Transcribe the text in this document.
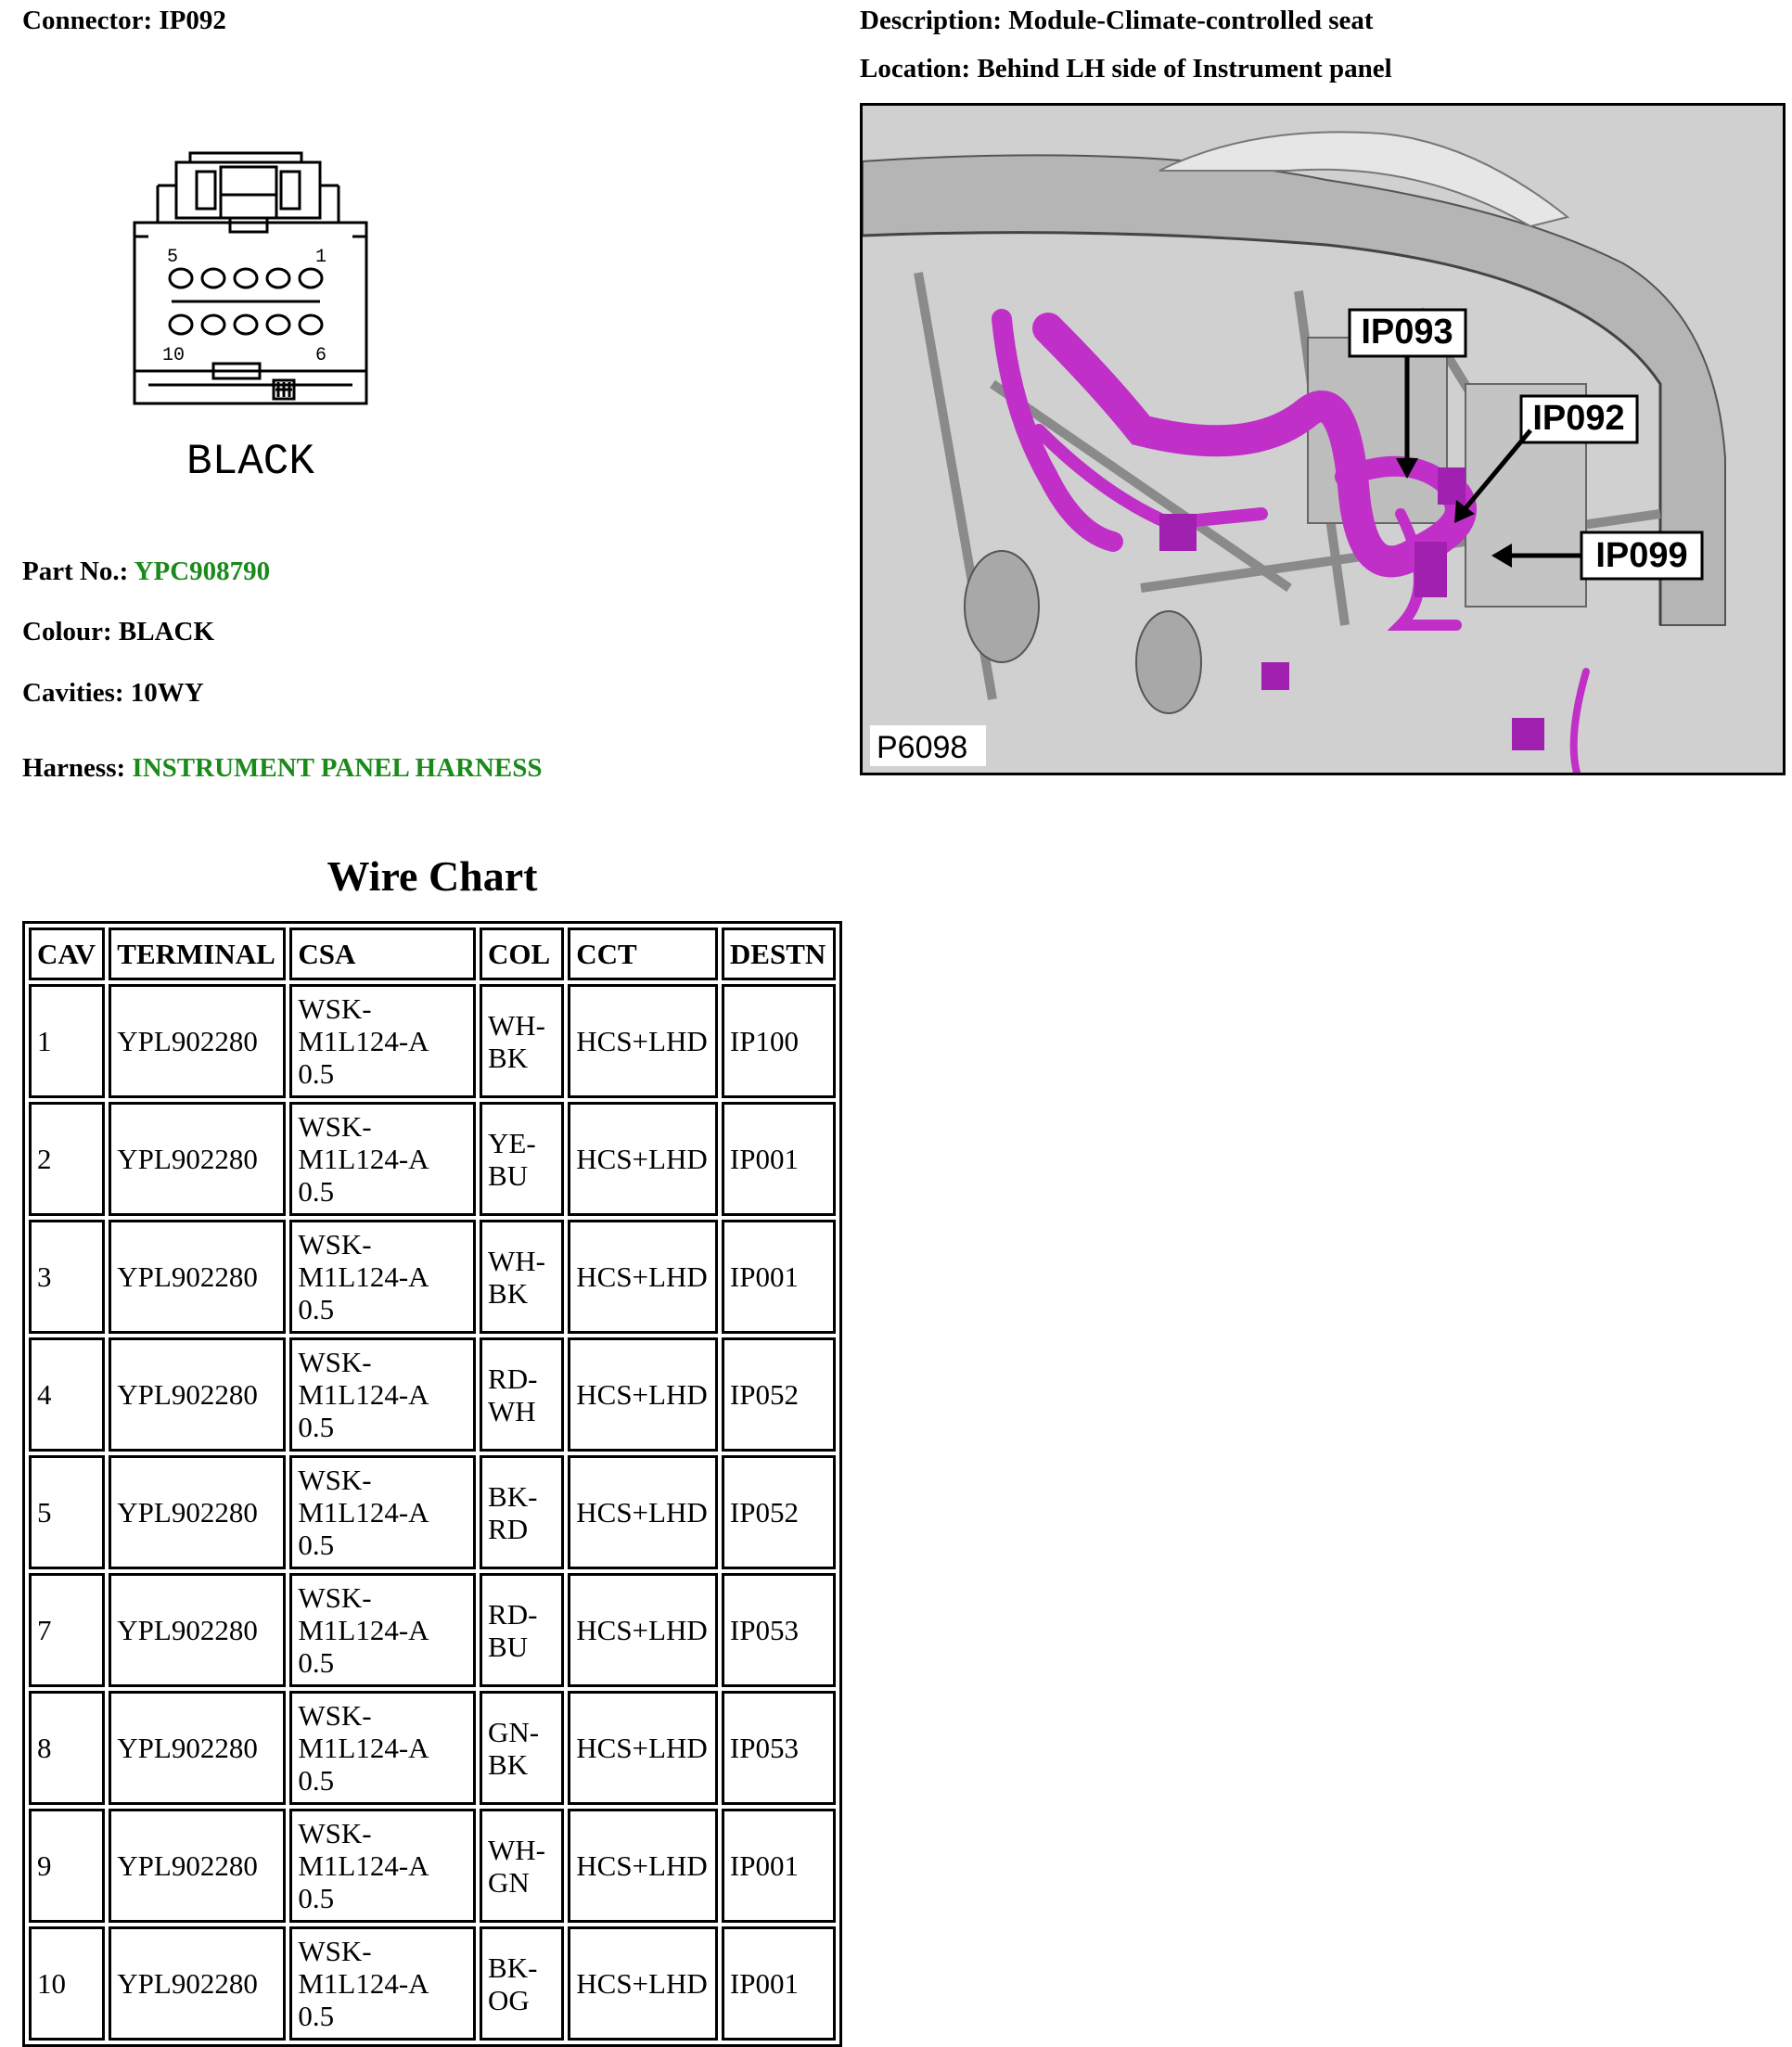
Connector: IP092	Description: Module-Climate-controlled seat
Location: Behind LH side of Instrument panel
5	1
10	6
BLACK
Part No.: YPC908790
Colour: BLACK
Cavities: 10WY
Harness: INSTRUMENT PANEL HARNESS
IP093
IP092
IP099
P6098
Wire Chart
CAV	TERMINAL	CSA	COL	CCT	DESTN
1	YPL902280	WSK-
M1L124-A
0.5	WH-
BK	HCS+LHD	IP100
2	YPL902280	WSK-
M1L124-A
0.5	YE-
BU	HCS+LHD	IP001
3	YPL902280	WSK-
M1L124-A
0.5	WH-
BK	HCS+LHD	IP001
4	YPL902280	WSK-
M1L124-A
0.5	RD-
WH	HCS+LHD	IP052
5	YPL902280	WSK-
M1L124-A
0.5	BK-
RD	HCS+LHD	IP052
7	YPL902280	WSK-
M1L124-A
0.5	RD-
BU	HCS+LHD	IP053
8	YPL902280	WSK-
M1L124-A
0.5	GN-
BK	HCS+LHD	IP053
9	YPL902280	WSK-
M1L124-A
0.5	WH-
GN	HCS+LHD	IP001
10	YPL902280	WSK-
M1L124-A
0.5	BK-
OG	HCS+LHD	IP001
